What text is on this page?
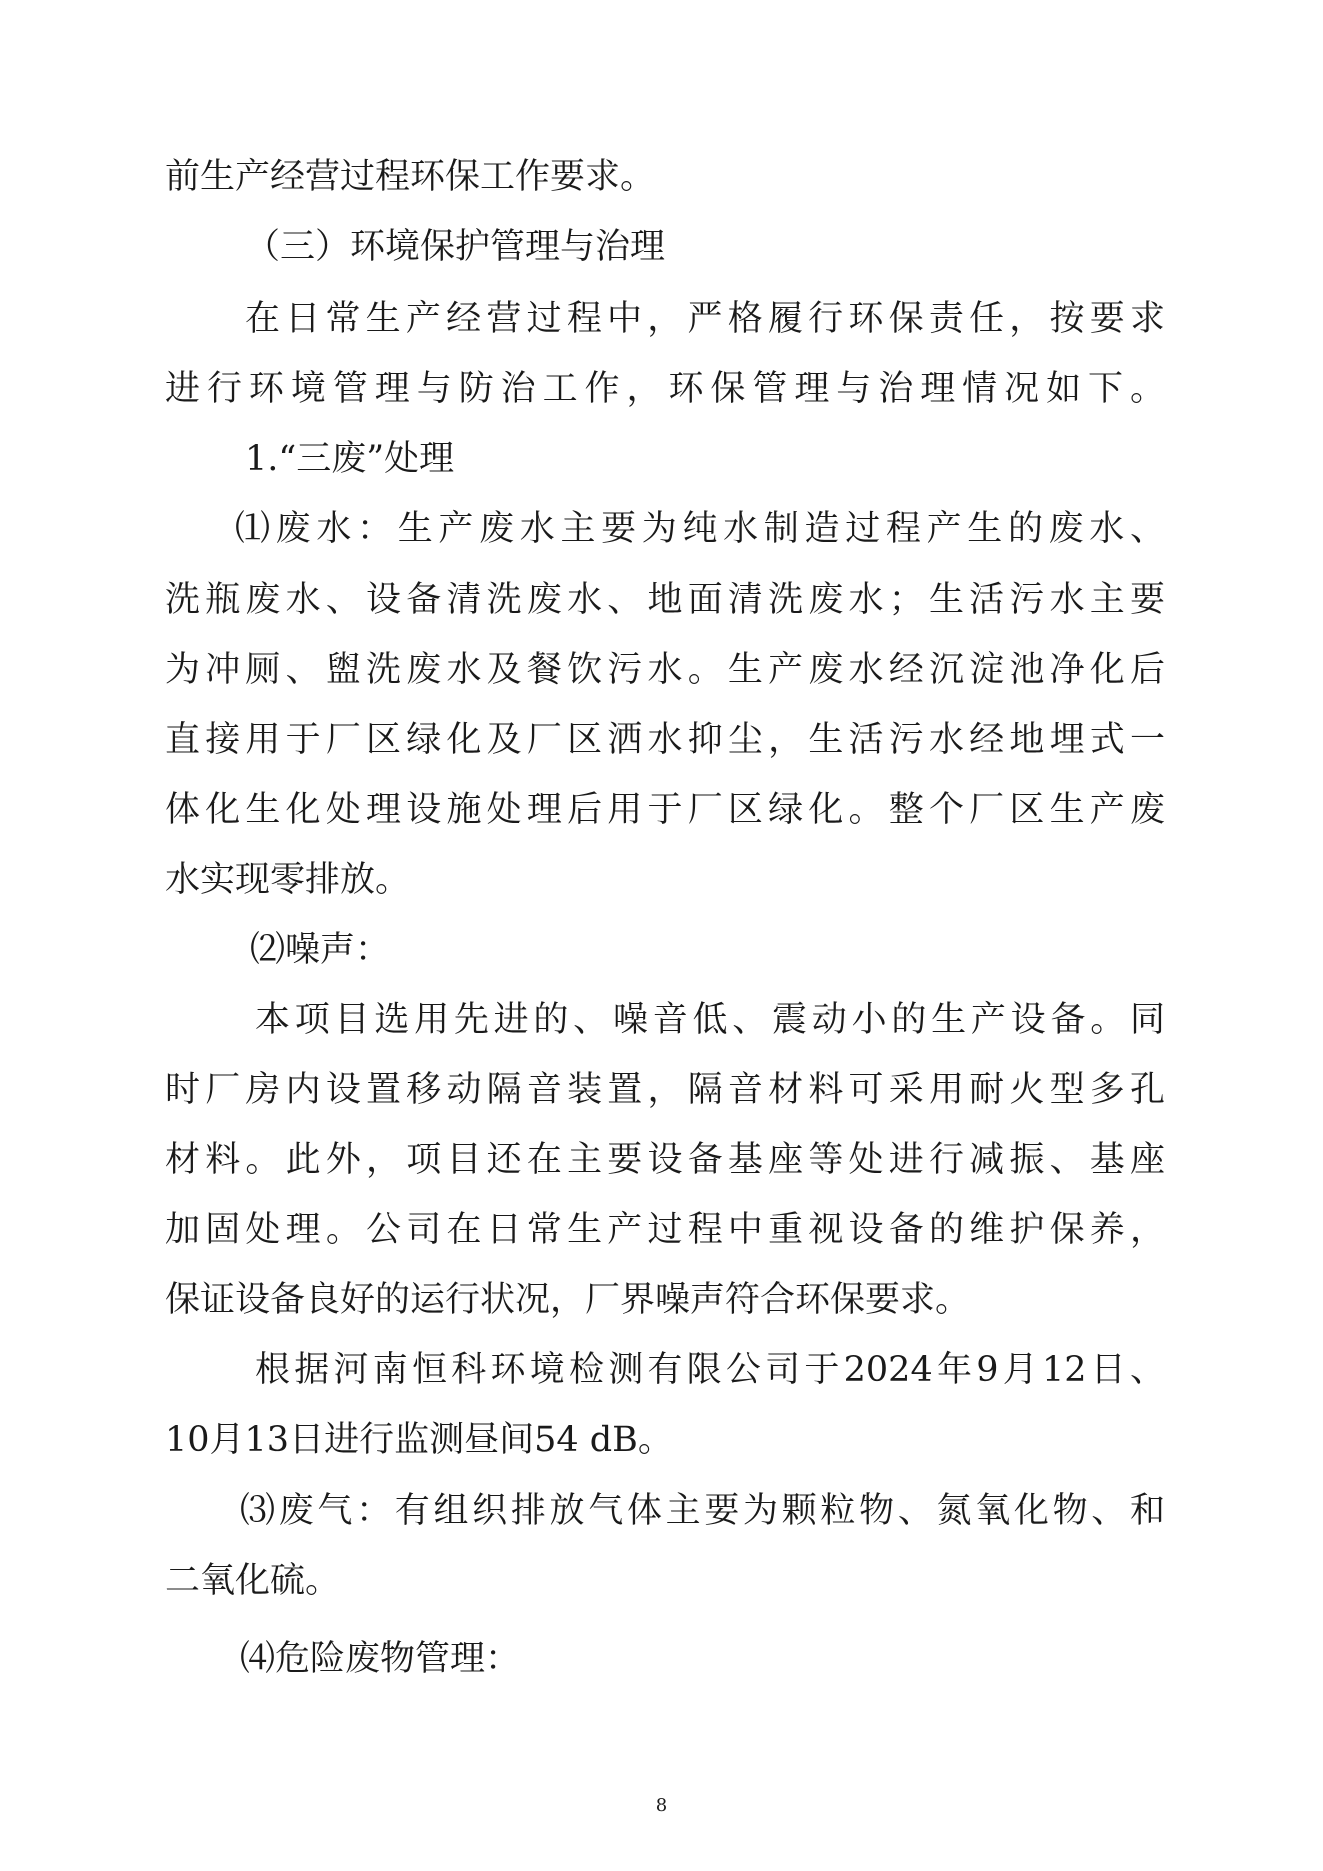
前生产经营过程环保工作要求。
（三）环境保护管理与治理
在日常生产经营过程中，严格履行环保责任，按要求
进行环境管理与防治工作，环保管理与治理情况如下。
1.“三废”处理
⑴废水：生产废水主要为纯水制造过程产生的废水、
洗瓶废水、设备清洗废水、地面清洗废水；生活污水主要
为冲厕、盥洗废水及餐饮污水。生产废水经沉淀池净化后
直接用于厂区绿化及厂区洒水抑尘，生活污水经地埋式一
体化生化处理设施处理后用于厂区绿化。整个厂区生产废
水实现零排放。
⑵噪声：
本项目选用先进的、噪音低、震动小的生产设备。同
时厂房内设置移动隔音装置，隔音材料可采用耐火型多孔
材料。此外，项目还在主要设备基座等处进行减振、基座
加固处理。公司在日常生产过程中重视设备的维护保养，
保证设备良好的运行状况，厂界噪声符合环保要求。
根据河南恒科环境检测有限公司于2024年9月12日、
10月13日进行监测昼间54 dB。
⑶废气：有组织排放气体主要为颗粒物、氮氧化物、和
二氧化硫。
⑷危险废物管理：
8
